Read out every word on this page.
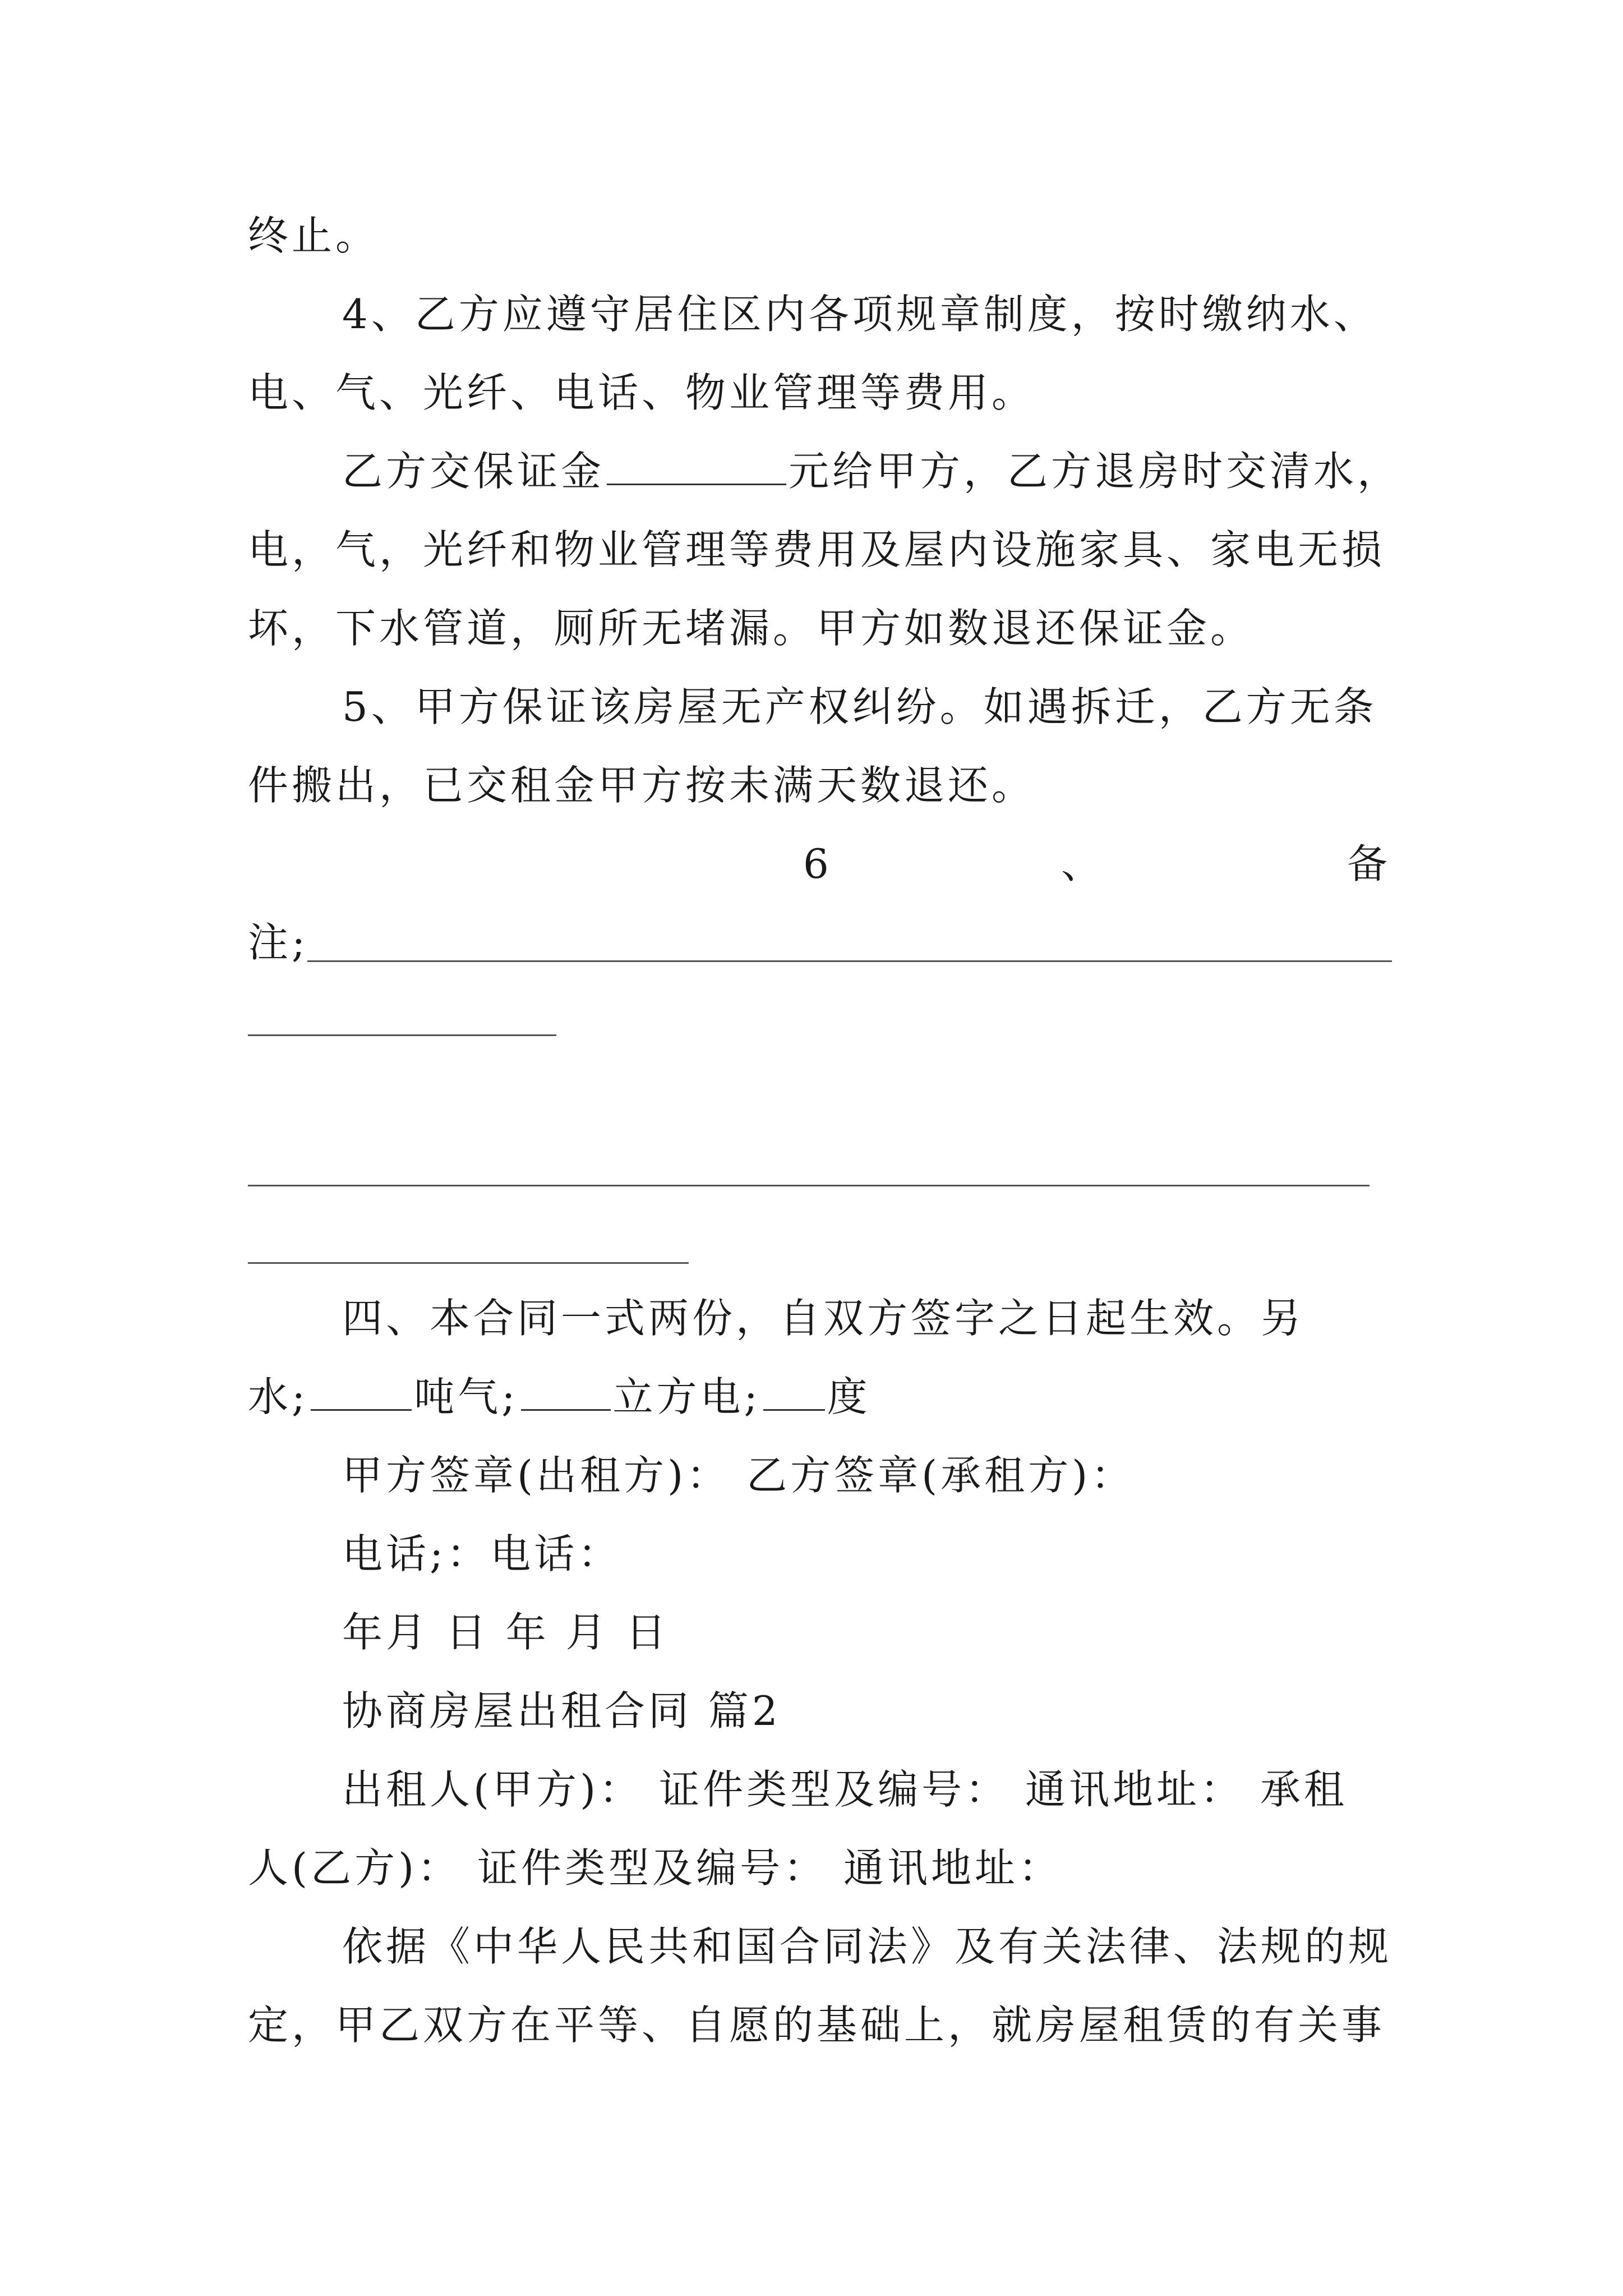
终止。
4、乙方应遵守居住区内各项规章制度，按时缴纳水、
电、气、光纤、电话、物业管理等费用。
乙方交保证金	元给甲方，乙方退房时交清水，
电，气，光纤和物业管理等费用及屋内设施家具、家电无损
坏，下水管道，厕所无堵漏。甲方如数退还保证金。
5、甲方保证该房屋无产权纠纷。如遇拆迁，乙方无条
件搬出，已交租金甲方按未满天数退还。
6	、	备
注;
四、本合同一式两份，自双方签字之日起生效。另
水;	吨气; 立方电; 度
甲方签章(出租方)： 乙方签章(承租方)：
电话;：电话：
年月 日 年 月 日
协商房屋出租合同 篇2
出租人(甲方)： 证件类型及编号： 通讯地址： 承租
人(乙方)： 证件类型及编号： 通讯地址：
依据《中华人民共和国合同法》及有关法律、法规的规
定，甲乙双方在平等、自愿的基础上，就房屋租赁的有关事
